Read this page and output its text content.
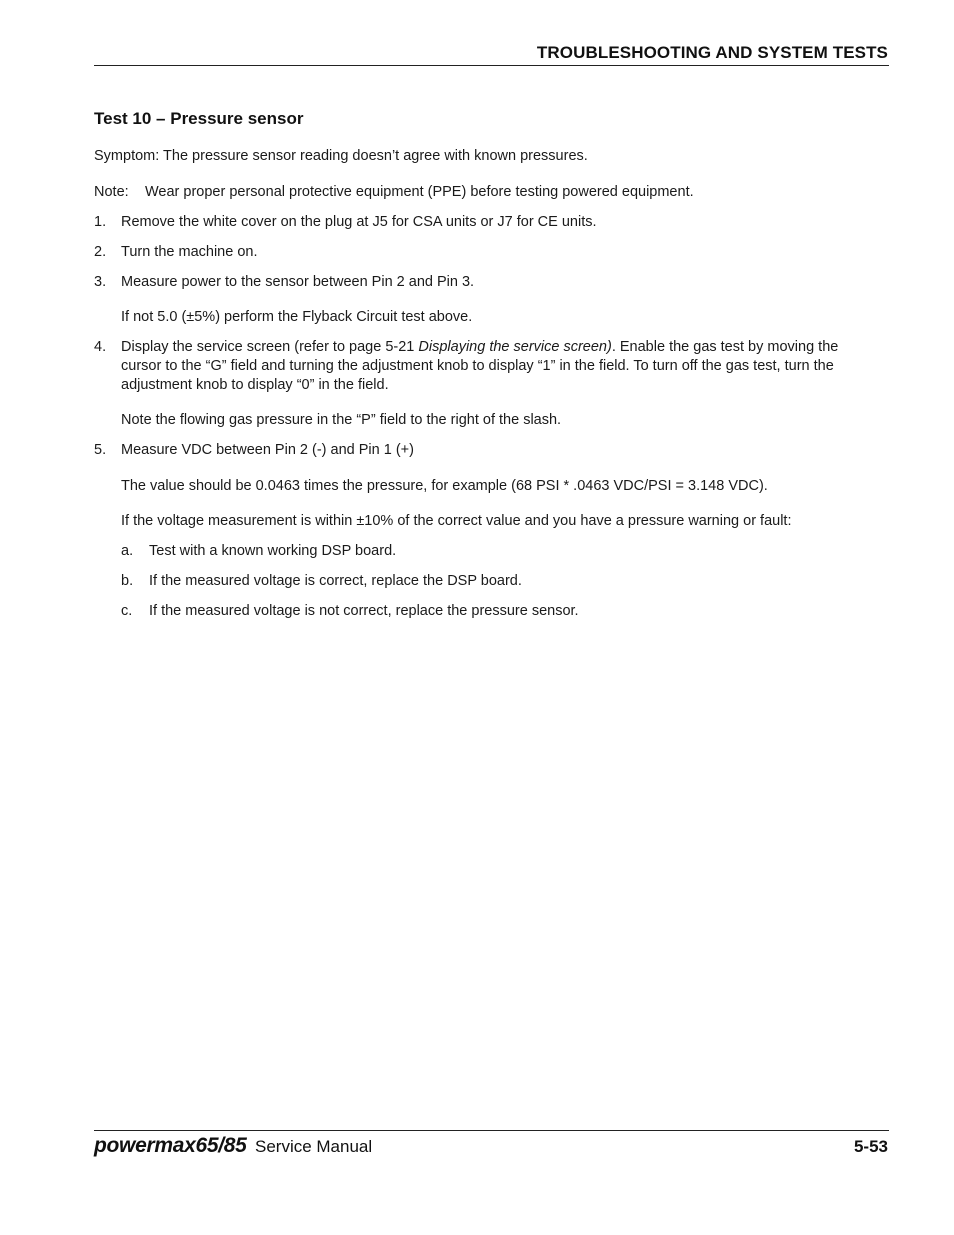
TROUBLESHOOTING AND SYSTEM TESTS
Test 10 – Pressure sensor
Symptom: The pressure sensor reading doesn’t agree with known pressures.
Note: Wear proper personal protective equipment (PPE) before testing powered equipment.
1. Remove the white cover on the plug at J5 for CSA units or J7 for CE units.
2. Turn the machine on.
3. Measure power to the sensor between Pin 2 and Pin 3.
If not 5.0 (±5%) perform the Flyback Circuit test above.
4. Display the service screen (refer to page 5-21 Displaying the service screen). Enable the gas test by moving the cursor to the “G” field and turning the adjustment knob to display “1” in the field. To turn off the gas test, turn the adjustment knob to display “0” in the field.
Note the flowing gas pressure in the “P” field to the right of the slash.
5. Measure VDC between Pin 2 (-) and Pin 1 (+)
The value should be 0.0463 times the pressure, for example (68 PSI * .0463 VDC/PSI = 3.148 VDC).
If the voltage measurement is within ±10% of the correct value and you have a pressure warning or fault:
a. Test with a known working DSP board.
b. If the measured voltage is correct, replace the DSP board.
c. If the measured voltage is not correct, replace the pressure sensor.
powermax65/85 Service Manual	5-53
